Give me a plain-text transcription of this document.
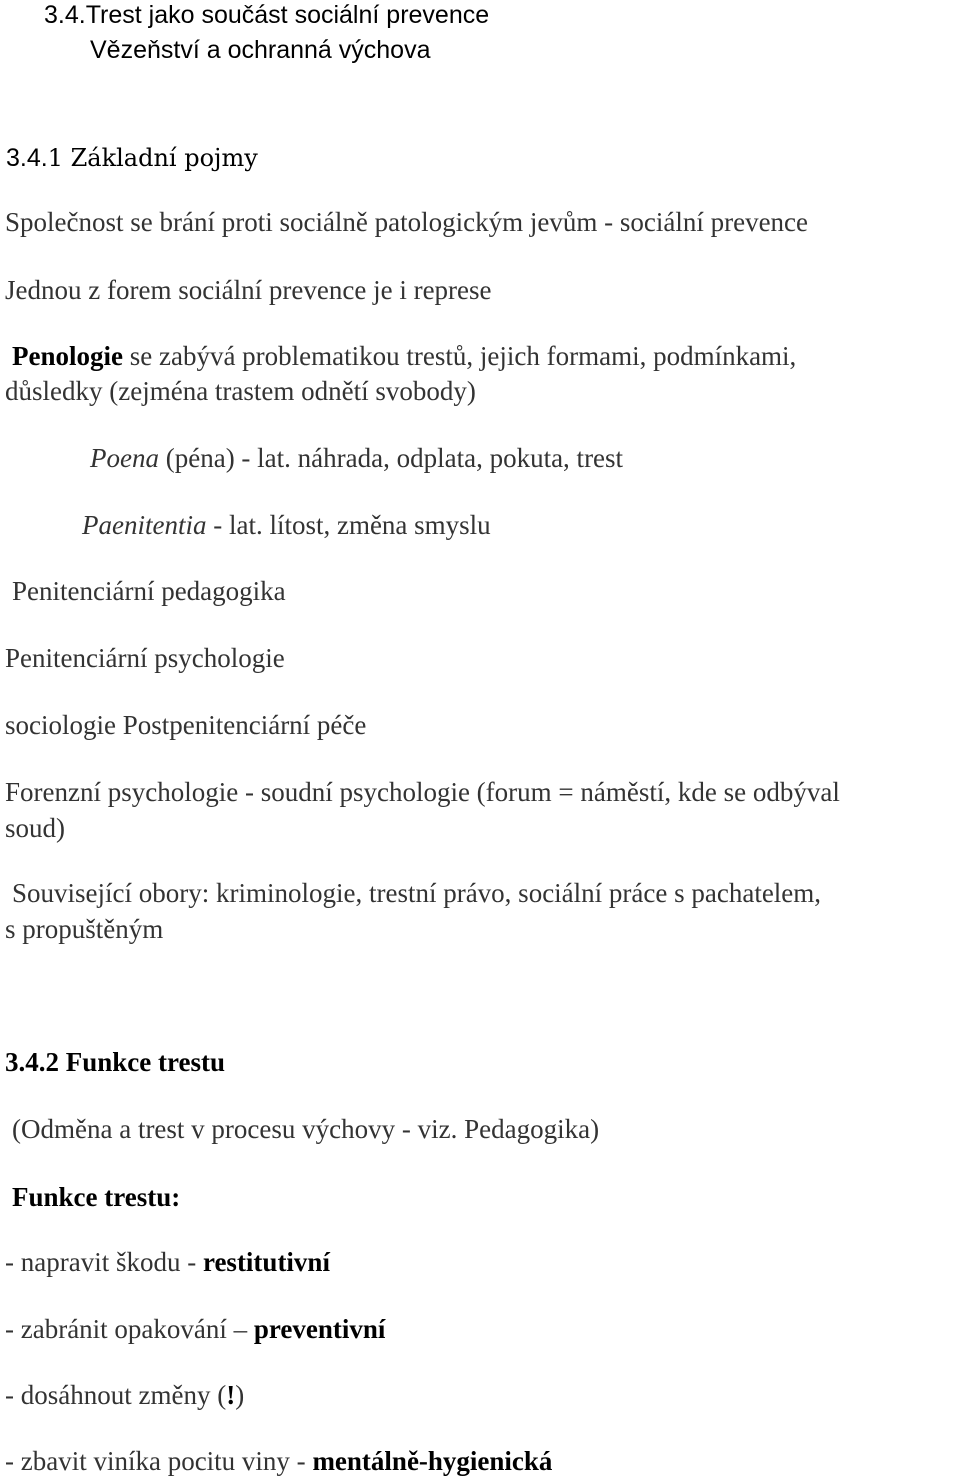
3.4.Trest jako součást sociální prevence
Vězeňství a ochranná výchova
3.4.1 Základní pojmy
Společnost se brání proti sociálně patologickým jevům - sociální prevence
Jednou z forem sociální prevence je i represe
Penologie se zabývá problematikou trestů, jejich formami, podmínkami,
důsledky (zejména trastem odnětí svobody)
Poena (péna) - lat. náhrada, odplata, pokuta, trest
Paenitentia - lat. lítost, změna smyslu
Penitenciární pedagogika
Penitenciární psychologie
sociologie Postpenitenciární péče
Forenzní psychologie - soudní psychologie (forum = náměstí, kde se odbýval
soud)
Související obory: kriminologie, trestní právo, sociální práce s pachatelem,
s propuštěným
3.4.2 Funkce trestu
(Odměna a trest v procesu výchovy - viz. Pedagogika)
Funkce trestu:
- napravit škodu - restitutivní
- zabránit opakování – preventivní
- dosáhnout změny (!)
- zbavit viníka pocitu viny - mentálně-hygienická
